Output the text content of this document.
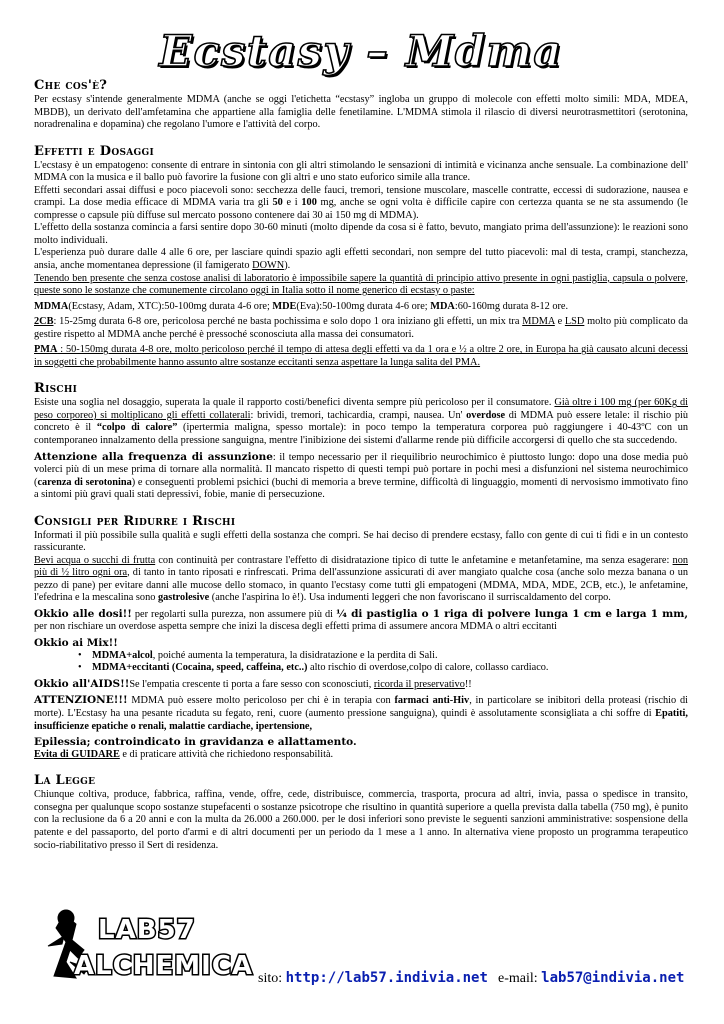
Ecstasy – Mdma
Che cos'è?

Per ecstasy s'intende generalmente MDMA (anche se oggi l'etichetta “ecstasy” ingloba un gruppo di molecole con effetti molto simili: MDA, MDEA, MBDB), un derivato dell'amfetamina che appartiene alla famiglia delle fenetilamine. L'MDMA stimola il rilascio di diversi neurotrasmettitori (serotonina, noradrenalina e dopamina) che regolano l'umore e l'attività del corpo.

Effetti e Dosaggi

L'ecstasy è un empatogeno: consente di entrare in sintonia con gli altri stimolando le sensazioni di intimità e vicinanza anche sensuale. La combinazione dell' MDMA con la musica e il ballo può favorire la fusione con gli altri e uno stato euforico simile alla trance.

Effetti secondari assai diffusi e poco piacevoli sono: secchezza delle fauci, tremori, tensione muscolare, mascelle contratte, eccessi di sudorazione, nausea e crampi. La dose media efficace di MDMA varia tra gli 50 e i 100 mg, anche se ogni volta è difficile capire con certezza quanta se ne sta assumendo (le compresse o capsule più diffuse sul mercato possono contenere dai 30 ai 150 mg di MDMA).

L'effetto della sostanza comincia a farsi sentire dopo 30-60 minuti (molto dipende da cosa si è fatto, bevuto, mangiato prima dell'assunzione): le reazioni sono molto individuali.

L'esperienza può durare dalle 4 alle 6 ore, per lasciare quindi spazio agli effetti secondari, non sempre del tutto piacevoli: mal di testa, crampi, stanchezza, ansia, anche momentanea depressione (il famigerato DOWN).

Tenendo ben presente che senza costose analisi di laboratorio è impossibile sapere la quantità di principio attivo presente in ogni pastiglia, capsula o polvere, queste sono le sostanze che comunemente circolano oggi in Italia sotto il nome generico di ecstasy o paste:

MDMA(Ecstasy, Adam, XTC):50-100mg durata 4-6 ore; MDE(Eva):50-100mg durata 4-6 ore; MDA:60-160mg durata 8-12 ore.

2CB: 15-25mg durata 6-8 ore, pericolosa perché ne basta pochissima e solo dopo 1 ora iniziano gli effetti, un mix tra MDMA e LSD molto più complicato da gestire rispetto al MDMA anche perché è pressoché sconosciuta alla massa dei consumatori.

PMA : 50-150mg durata 4-8 ore, molto pericoloso perché il tempo di attesa degli effetti va da 1 ora e ½ a oltre 2 ore, in Europa ha già causato alcuni decessi in soggetti che probabilmente hanno assunto altre sostanze eccitanti senza aspettare la lunga salita del PMA.

Rischi

Esiste una soglia nel dosaggio, superata la quale il rapporto costi/benefici diventa sempre più pericoloso per il consumatore. Già oltre i 100 mg (per 60Kg di peso corporeo) si moltiplicano gli effetti collaterali: brividi, tremori, tachicardia, crampi, nausea. Un' overdose di MDMA può essere letale: il rischio più concreto è il “colpo di calore” (ipertermia maligna, spesso mortale): in poco tempo la temperatura corporea può raggiungere i 40-43ºC con un contemporaneo innalzamento della pressione sanguigna, mentre l'inibizione dei sistemi d'allarme rende più difficile accorgersi di quello che sta succedendo.

Attenzione alla frequenza di assunzione: il tempo necessario per il riequilibrio neurochimico è piuttosto lungo: dopo una dose media può volerci più di un mese prima di tornare alla normalità. Il mancato rispetto di questi tempi può portare in pochi mesi a disfunzioni nel sistema neurochimico (carenza di serotonina) e conseguenti problemi psichici (buchi di memoria a breve termine, difficoltà di linguaggio, momenti di nervosismo immotivato fino a sintomi più gravi quali stati depressivi, fobie, manie di persecuzione.

Consigli per Ridurre i Rischi

Informati il più possibile sulla qualità e sugli effetti della sostanza che compri. Se hai deciso di prendere ecstasy, fallo con gente di cui ti fidi e in un contesto rassicurante.

Bevi acqua o succhi di frutta con continuità per contrastare l'effetto di disidratazione tipico di tutte le anfetamine e metanfetamine, ma senza esagerare: non più di ½ litro ogni ora, di tanto in tanto riposati e rinfrescati. Prima dell'assunzione assicurati di aver mangiato qualche cosa (anche solo mezza banana o un pezzo di pane) per evitare danni alle mucose dello stomaco, in quanto l'ecstasy come tutti gli empatogeni (MDMA, MDA, MDE, 2CB, etc.), le anfetamine, l'efedrina e la mescalina sono gastrolesive (anche l'aspirina lo è!). Usa indumenti leggeri che non favoriscano il surriscaldamento del corpo.

Okkio alle dosi!! per regolarti sulla purezza, non assumere più di ¼ di pastiglia o 1 riga di polvere lunga 1 cm e larga 1 mm, per non rischiare un overdose aspetta sempre che inizi la discesa degli effetti prima di assumere ancora MDMA o altri eccitanti

Okkio ai Mix!!

• MDMA+alcol, poiché aumenta la temperatura, la disidratazione e la perdita di Sali.
• MDMA+eccitanti (Cocaina, speed, caffeina, etc..) alto rischio di overdose,colpo di calore, collasso cardiaco.

Okkio all'AIDS!!Se l'empatia crescente ti porta a fare sesso con sconosciuti, ricorda il preservativo!!

ATTENZIONE!!! MDMA può essere molto pericoloso per chi è in terapia con farmaci anti-Hiv, in particolare se inibitori della proteasi (rischio di morte). L'Ecstasy ha una pesante ricaduta su fegato, reni, cuore (aumento pressione sanguigna), quindi è assolutamente sconsigliata a chi soffre di Epatiti, insufficienze epatiche o renali, malattie cardiache, ipertensione,

Epilessia; controindicato in gravidanza e allattamento.

Evita di GUIDARE e di praticare attività che richiedono responsabilità.

La Legge

Chiunque coltiva, produce, fabbrica, raffina, vende, offre, cede, distribuisce, commercia, trasporta, procura ad altri, invia, passa o spedisce in transito, consegna per qualunque scopo sostanze stupefacenti o sostanze psicotrope che risultino in quantità superiore a quella prevista dalla tabella (750 mg), è punito con la reclusione da 6 a 20 anni e con la multa da 26.000 a 260.000. per le dosi inferiori sono previste le seguenti sanzioni amministrative: sospensione della patente e del passaporto, del porto d'armi e di altri documenti per un periodo da 1 mese a 1 anno. In alternativa viene proposto un programma terapeutico socio-riabilitativo presso il Sert di residenza.

LAB57
ALCHEMICA sito: http://lab57.indivia.net e-mail: lab57@indivia.net
